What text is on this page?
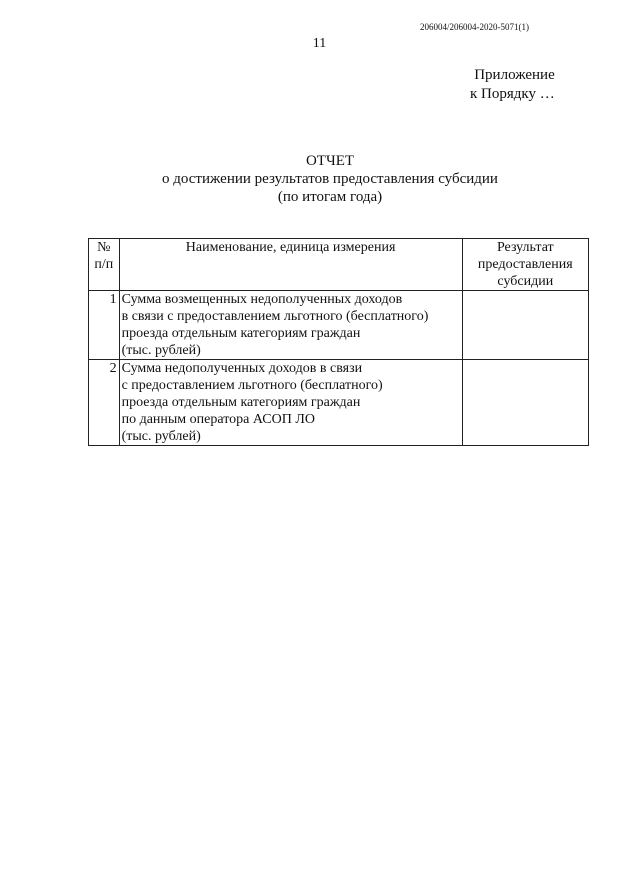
206004/206004-2020-5071(1)
11
Приложение
к Порядку …
ОТЧЕТ
о достижении результатов предоставления субсидии
(по итогам года)
№
п/п	Наименование, единица измерения	Результат
предоставления
субсидии

1	Сумма возмещенных недополученных доходов
в связи с предоставлением льготного (бесплатного)
проезда отдельным категориям граждан
(тыс. рублей)	

2	Сумма недополученных доходов в связи
с предоставлением льготного (бесплатного)
проезда отдельным категориям граждан
по данным оператора АСОП ЛО
(тыс. рублей)	
